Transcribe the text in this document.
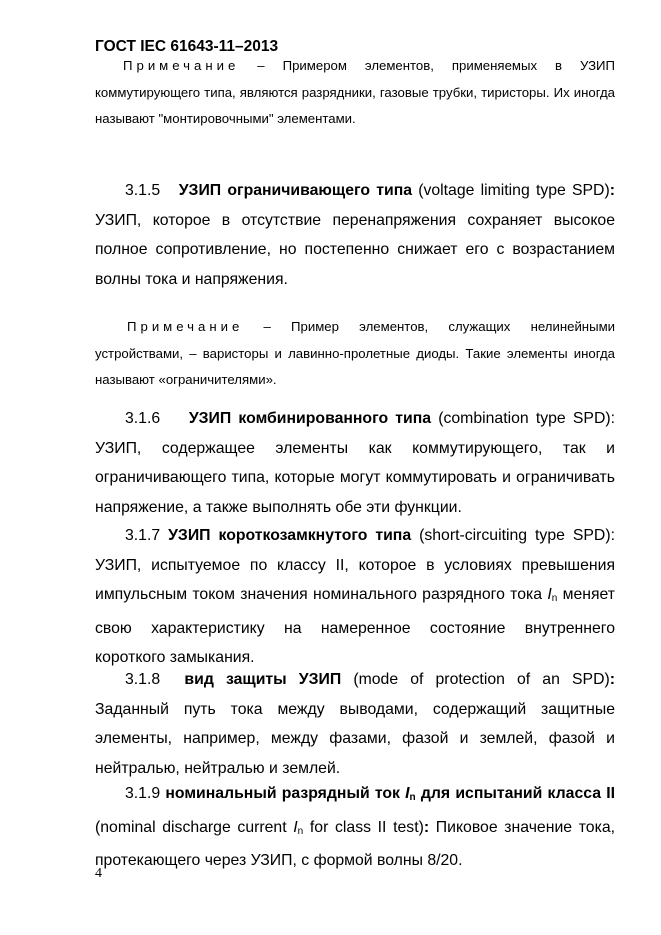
ГОСТ IEC 61643-11–2013

Примечание – Примером элементов, применяемых в УЗИП коммутирующего типа, являются разрядники, газовые трубки, тиристоры. Их иногда называют "монтировочными" элементами.

3.1.5 УЗИП ограничивающего типа (voltage limiting type SPD): УЗИП, которое в отсутствие перенапряжения сохраняет высокое полное сопротивление, но постепенно снижает его с возрастанием волны тока и напряжения.

Примечание – Пример элементов, служащих нелинейными устройствами, – варисторы и лавинно-пролетные диоды. Такие элементы иногда называют «ограничителями».

3.1.6 УЗИП комбинированного типа (combination type SPD): УЗИП, содержащее элементы как коммутирующего, так и ограничивающего типа, которые могут коммутировать и ограничивать напряжение, а также выполнять обе эти функции.

3.1.7 УЗИП короткозамкнутого типа (short-circuiting type SPD): УЗИП, испытуемое по классу II, которое в условиях превышения импульсным током значения номинального разрядного тока $I_n$ меняет свою характеристику на намеренное состояние внутреннего короткого замыкания.

3.1.8 вид защиты УЗИП (mode of protection of an SPD): Заданный путь тока между выводами, содержащий защитные элементы, например, между фазами, фазой и землей, фазой и нейтралью, нейтралью и землей.

3.1.9 номинальный разрядный ток $I_n$ для испытаний класса II (nominal discharge current $I_n$ for class II test): Пиковое значение тока, протекающего через УЗИП, с формой волны 8/20.

4
